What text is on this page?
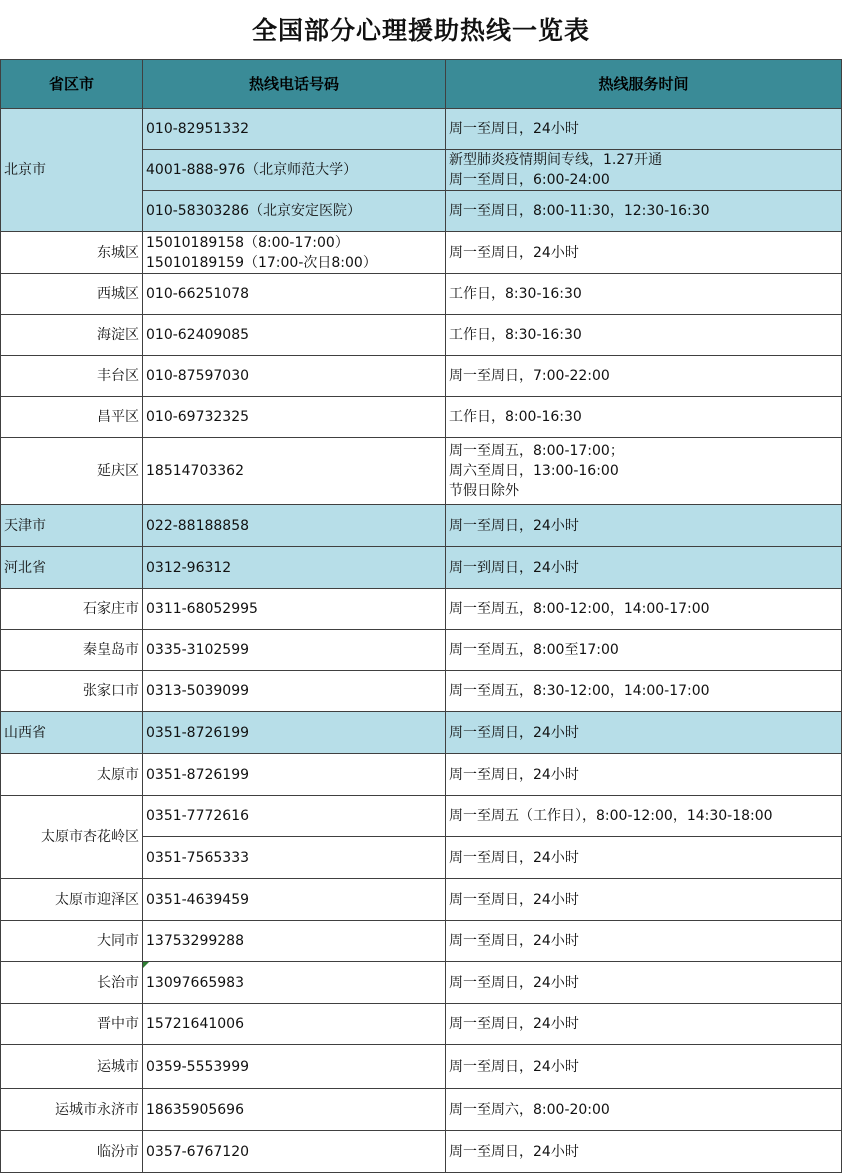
全国部分心理援助热线一览表
省区市	热线电话号码	热线服务时间
北京市	010-82951332	周一至周日，24小时
	4001-888-976（北京师范大学）	新型肺炎疫情期间专线，1.27开通
周一至周日，6:00-24:00

	010-58303286（北京安定医院）	周一至周日，8:00-11:30，12:30-16:30
东城区	15010189158（8:00-17:00）
15010189159（17:00-次日8:00）	周一至周日，24小时
西城区	010-66251078	工作日，8:30-16:30
海淀区	010-62409085	工作日，8:30-16:30
丰台区	010-87597030	周一至周日，7:00-22:00
昌平区	010-69732325	工作日，8:00-16:30
延庆区	18514703362	周一至周五，8:00-17:00；
周六至周日，13:00-16:00
节假日除外

天津市	022-88188858	周一至周日，24小时
河北省	0312-96312	周一到周日，24小时
石家庄市	0311-68052995	周一至周五，8:00-12:00，14:00-17:00
秦皇岛市	0335-3102599	周一至周五，8:00至17:00
张家口市	0313-5039099	周一至周五，8:30-12:00，14:00-17:00
山西省	0351-8726199	周一至周日，24小时
太原市	0351-8726199	周一至周日，24小时
太原市杏花岭区	0351-7772616	周一至周五（工作日），8:00-12:00，14:30-18:00
	0351-7565333	周一至周日，24小时
太原市迎泽区	0351-4639459	周一至周日，24小时
大同市	13753299288	周一至周日，24小时
长治市	13097665983	周一至周日，24小时
晋中市	15721641006	周一至周日，24小时
运城市	0359-5553999	周一至周日，24小时
运城市永济市	18635905696	周一至周六，8:00-20:00
临汾市	0357-6767120	周一至周日，24小时
